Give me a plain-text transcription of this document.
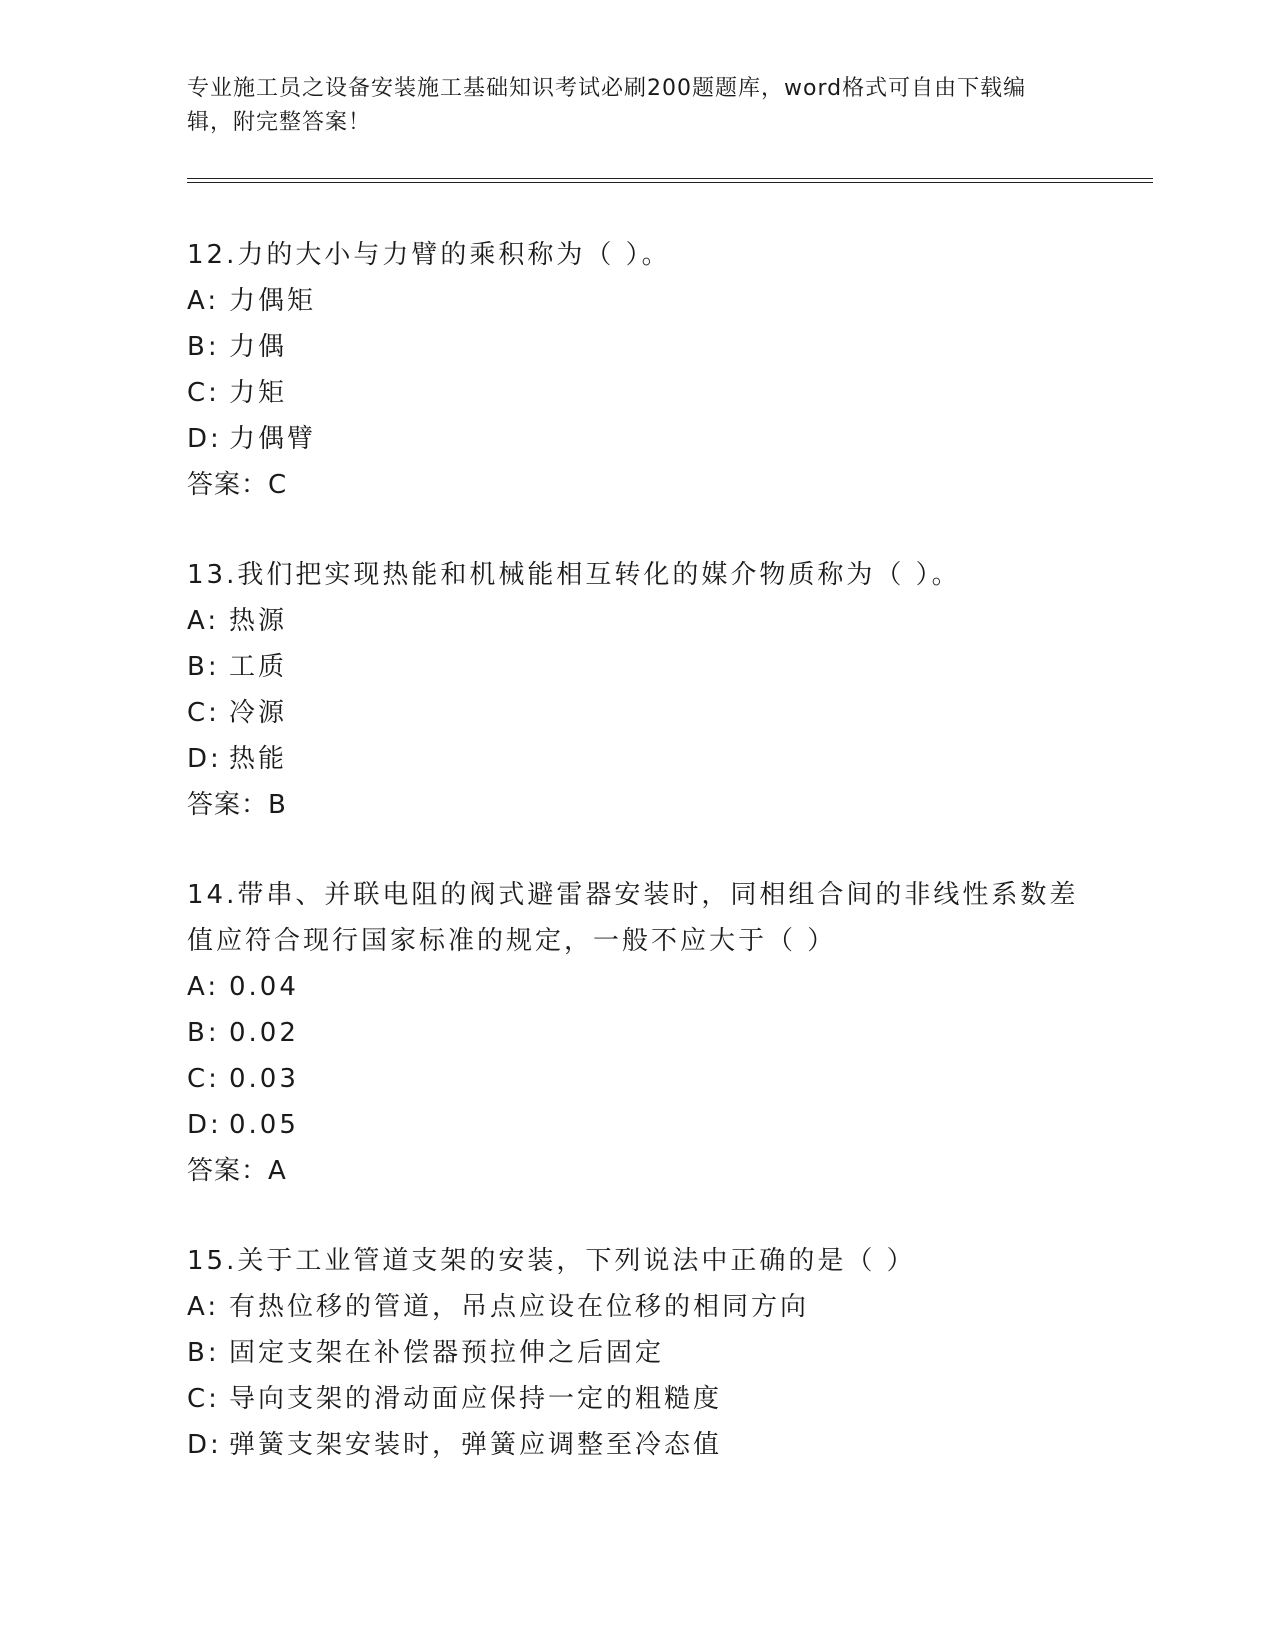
专业施工员之设备安装施工基础知识考试必刷200题题库，word格式可自由下载编辑，附完整答案！
12.力的大小与力臂的乘积称为（ ）。
A: 力偶矩
B: 力偶
C: 力矩
D: 力偶臂
答案：C
13.我们把实现热能和机械能相互转化的媒介物质称为（ ）。
A: 热源
B: 工质
C: 冷源
D: 热能
答案：B
14.带串、并联电阻的阀式避雷器安装时，同相组合间的非线性系数差值应符合现行国家标准的规定，一般不应大于（ ）
A: 0.04
B: 0.02
C: 0.03
D: 0.05
答案：A
15.关于工业管道支架的安装，下列说法中正确的是（ ）
A: 有热位移的管道，吊点应设在位移的相同方向
B: 固定支架在补偿器预拉伸之后固定
C: 导向支架的滑动面应保持一定的粗糙度
D: 弹簧支架安装时，弹簧应调整至冷态值
